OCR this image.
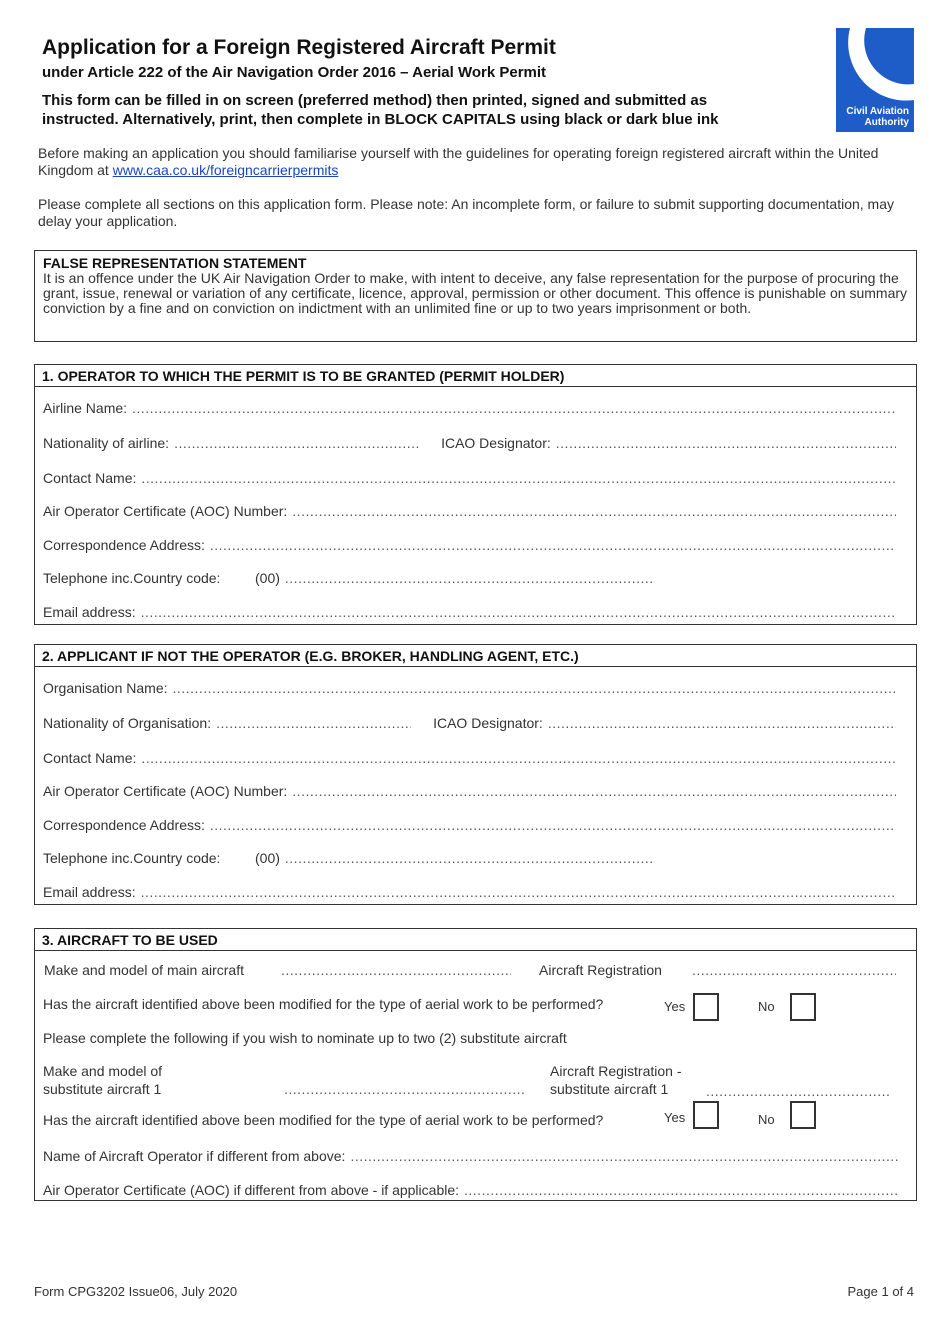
Application for a Foreign Registered Aircraft Permit
under Article 222 of the Air Navigation Order 2016 – Aerial Work Permit
This form can be filled in on screen (preferred method) then printed, signed and submitted as
instructed. Alternatively, print, then complete in BLOCK CAPITALS using black or dark blue ink	Civil Aviation
Authority
Before making an application you should familiarise yourself with the guidelines for operating foreign registered aircraft within the United Kingdom at www.caa.co.uk/foreigncarrierpermits
Please complete all sections on this application form. Please note: An incomplete form, or failure to submit supporting documentation, may delay your application.
FALSE REPRESENTATION STATEMENT
It is an offence under the UK Air Navigation Order to make, with intent to deceive, any false representation for the purpose of procuring the grant, issue, renewal or variation of any certificate, licence, approval, permission or other document. This offence is punishable on summary conviction by a fine and on conviction on indictment with an unlimited fine or up to two years imprisonment or both.
1. OPERATOR TO WHICH THE PERMIT IS TO BE GRANTED (PERMIT HOLDER)
Airline Name:
.....
Nationality of airline: .....	ICAO Designator:
.....
Contact Name:
.....
Air Operator Certificate (AOC) Number:
.....
Correspondence Address:
.....
Telephone inc.Country code:	(00)
.....
Email address:
.....
2. APPLICANT IF NOT THE OPERATOR (E.G. BROKER, HANDLING AGENT, ETC.)
Organisation Name:
.....
Nationality of Organisation: .....	ICAO Designator:
.....
Contact Name:
.....
Air Operator Certificate (AOC) Number:
.....
Correspondence Address:
.....
Telephone inc.Country code:	(00)
.....
Email address:
.....
3. AIRCRAFT TO BE USED
Make and model of main aircraft .....	Aircraft Registration
.....
Has the aircraft identified above been modified for the type of aerial work to be performed?	Yes	No
Please complete the following if you wish to nominate up to two (2) substitute aircraft
Make and model of
substitute aircraft 1
.....
Aircraft Registration -
substitute aircraft 1
.....
Has the aircraft identified above been modified for the type of aerial work to be performed?	Yes	No
Name of Aircraft Operator if different from above:
.....
Air Operator Certificate (AOC) if different from above - if applicable:
.....
Form CPG3202 Issue06, July 2020	Page 1 of 4
